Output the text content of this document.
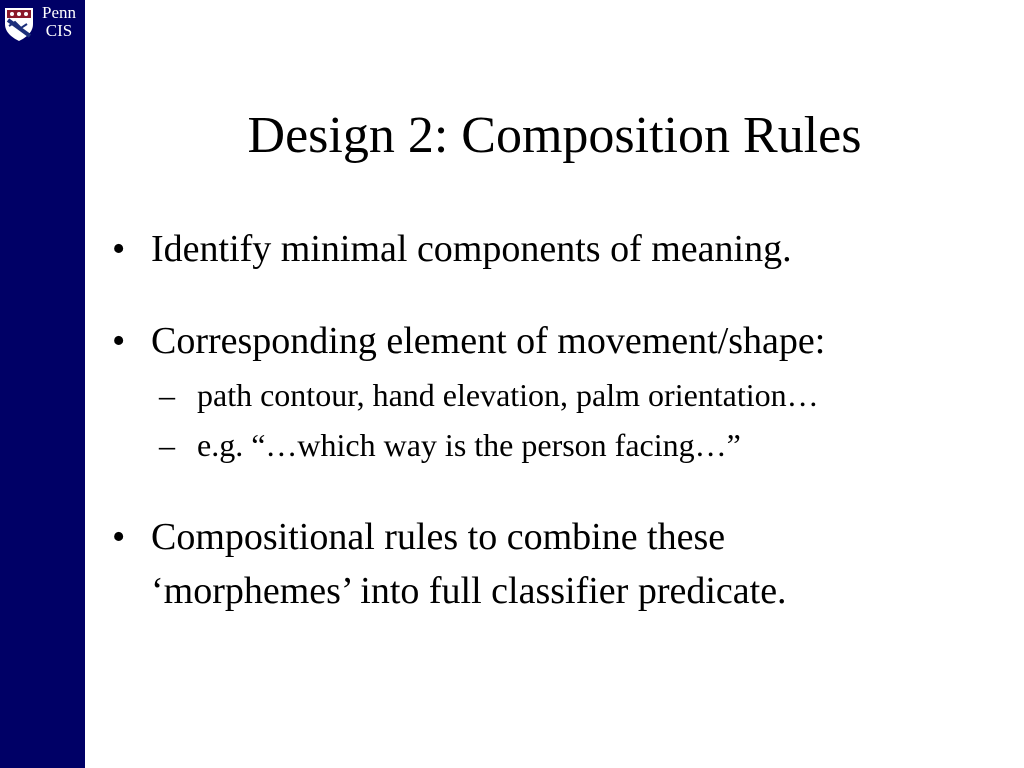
Penn
CIS
Design 2: Composition Rules
• Identify minimal components of meaning.
• Corresponding element of movement/shape:
– path contour, hand elevation, palm orientation…
– e.g. “…which way is the person facing…”
• Compositional rules to combine these
‘morphemes’ into full classifier predicate.
